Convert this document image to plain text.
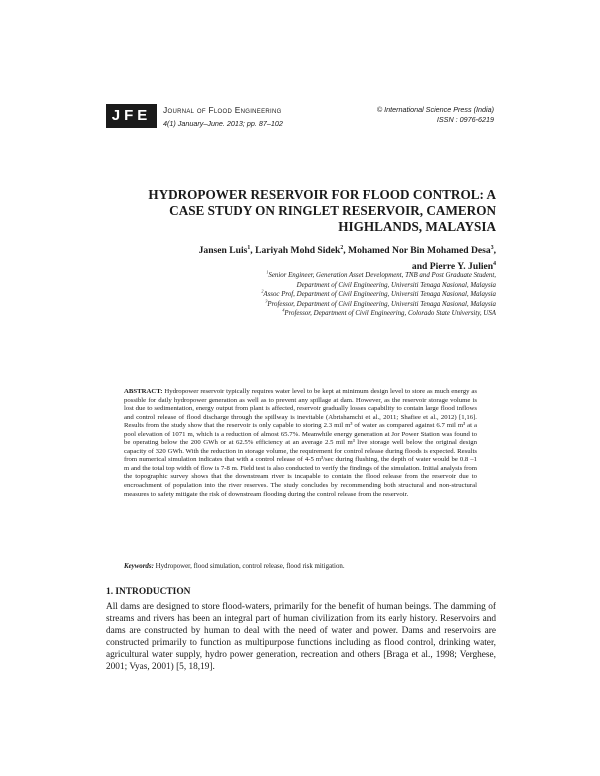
JFE	Journal of Flood Engineering
4(1) January–June. 2013; pp. 87–102
© International Science Press (India)
ISSN : 0976-6219
HYDROPOWER RESERVOIR FOR FLOOD CONTROL: A
CASE STUDY ON RINGLET RESERVOIR, CAMERON
HIGHLANDS, MALAYSIA
Jansen Luis$^1$, Lariyah Mohd Sidek$^2$, Mohamed Nor Bin Mohamed Desa$^3$,
and Pierre Y. Julien$^4$
$^1$Senior Engineer, Generation Asset Development, TNB and Post Graduate Student,
Department of Civil Engineering, Universiti Tenaga Nasional, Malaysia
$^2$Assoc Prof, Department of Civil Engineering, Universiti Tenaga Nasional, Malaysia
$^3$Professor, Department of Civil Engineering, Universiti Tenaga Nasional, Malaysia
$^4$Professor, Department of Civil Engineering, Colorado State University, USA
ABSTRACT: Hydropower reservoir typically requires water level to be kept at minimum design level to store as much energy as possible for daily hydropower generation as well as to prevent any spillage at dam. However, as the reservoir storage volume is lost due to sedimentation, energy output from plant is affected, reservoir gradually losses capability to contain large flood inflows and control release of flood discharge through the spillway is inevitable (Abrishamchi et al., 2011; Shafiee et al., 2012) [1,16]. Results from the study show that the reservoir is only capable to storing 2.3 mil m³ of water as compared against 6.7 mil m³ at a pool elevation of 1071 m, which is a reduction of almost 65.7%. Meanwhile energy generation at Jor Power Station was found to be operating below the 200 GWh or at 62.5% efficiency at an average 2.5 mil m³ live storage well below the original design capacity of 320 GWh. With the reduction in storage volume, the requirement for control release during floods is expected. Results from numerical simulation indicates that with a control release of 4-5 m³/sec during flushing, the depth of water would be 0.8 –1 m and the total top width of flow is 7-8 m. Field test is also conducted to verify the findings of the simulation. Initial analysis from the topographic survey shows that the downstream river is incapable to contain the flood release from the reservoir due to encroachment of population into the river reserves. The study concludes by recommending both structural and non-structural measures to safety mitigate the risk of downstream flooding during the control release from the reservoir.
Keywords: Hydropower, flood simulation, control release, flood risk mitigation.
1. INTRODUCTION
All dams are designed to store flood-waters, primarily for the benefit of human beings. The damming of streams and rivers has been an integral part of human civilization from its early history. Reservoirs and dams are constructed by human to deal with the need of water and power. Dams and reservoirs are constructed primarily to function as multipurpose functions including as flood control, drinking water, agricultural water supply, hydro power generation, recreation and others [Braga et al., 1998; Verghese, 2001; Vyas, 2001) [5, 18,19].
